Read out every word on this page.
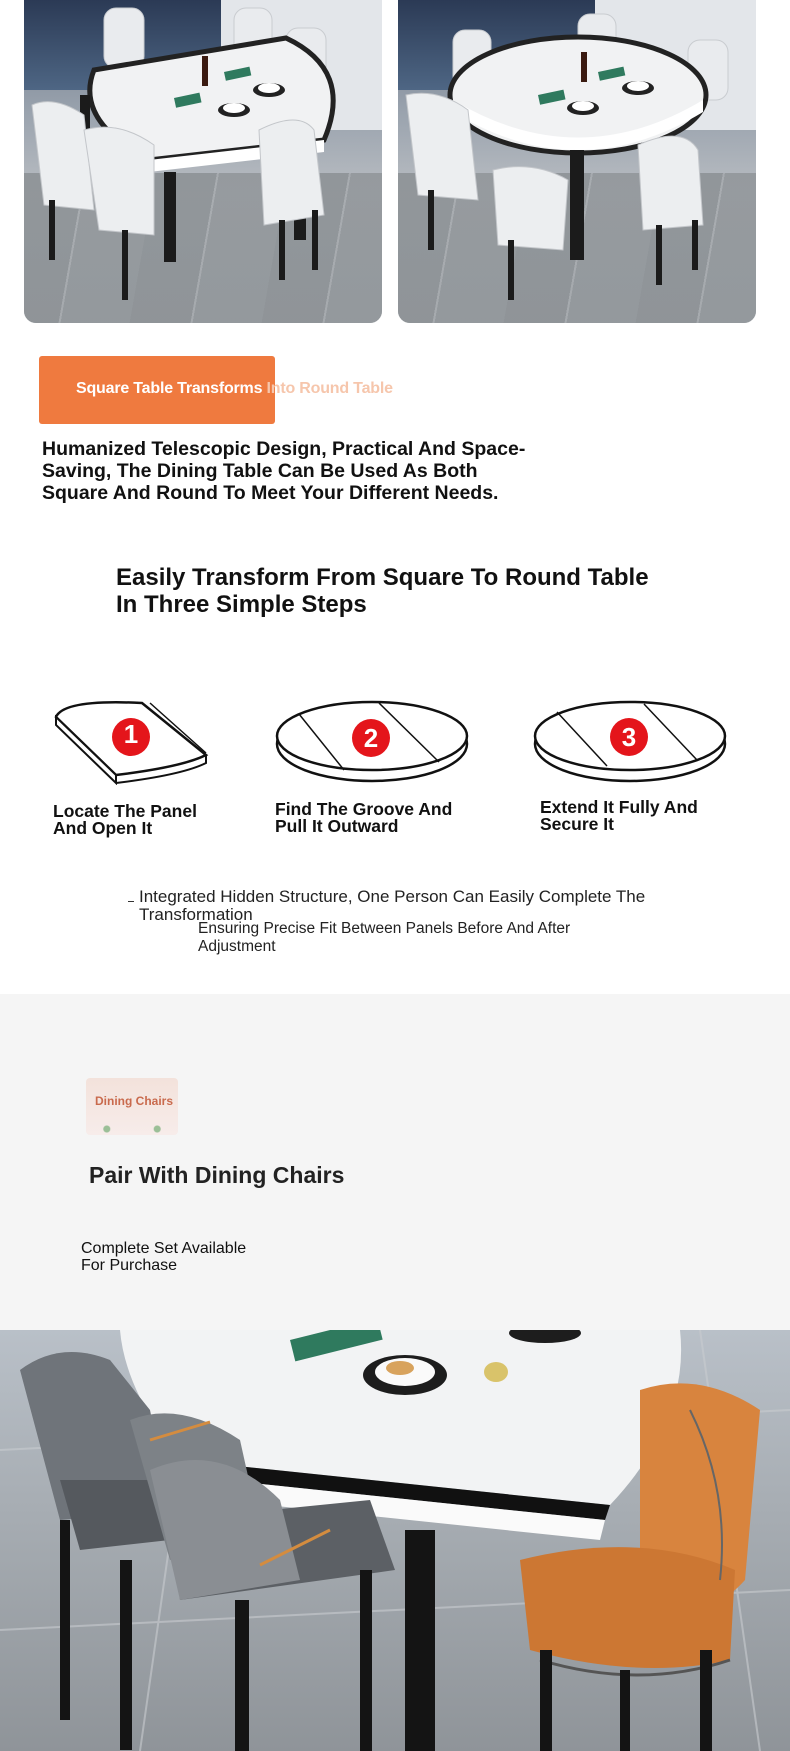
Square Table Transforms Into Round Table
Humanized Telescopic Design, Practical And Space-Saving, The Dining Table Can Be Used As Both Square And Round To Meet Your Different Needs.
Easily Transform From Square To Round Table In Three Simple Steps
1
Locate The Panel And Open It
2
Find The Groove And Pull It Outward
3
Extend It Fully And Secure It
Integrated Hidden Structure, One Person Can Easily Complete The Transformation
Ensuring Precise Fit Between Panels Before And After Adjustment
Dining Chairs
Pair With Dining Chairs
Complete Set Available For Purchase
